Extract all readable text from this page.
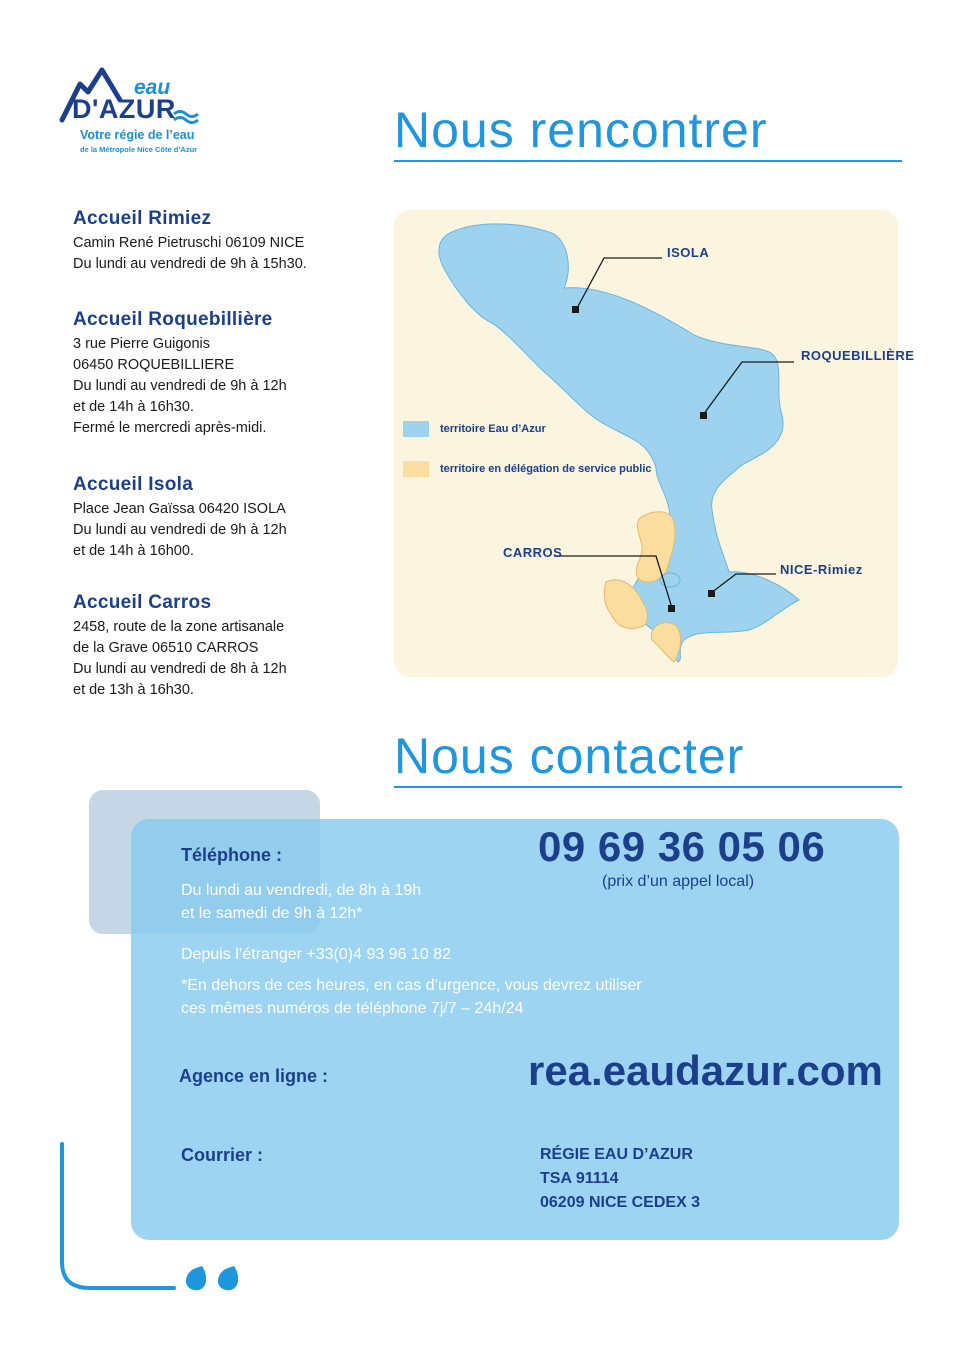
eau
D'AZUR
Votre régie de l’eau
de la Métropole Nice Côte d’Azur	Nous rencontrer
Accueil Rimiez
Camin René Pietruschi 06109 NICE
Du lundi au vendredi de 9h à 15h30.
Accueil Roquebillière
3 rue Pierre Guigonis
06450 ROQUEBILLIERE
Du lundi au vendredi de 9h à 12h
et de 14h à 16h30.
Fermé le mercredi après-midi.
Accueil Isola
Place Jean Gaïssa 06420 ISOLA
Du lundi au vendredi de 9h à 12h
et de 14h à 16h00.
Accueil Carros
2458, route de la zone artisanale
de la Grave 06510 CARROS
Du lundi au vendredi de 8h à 12h
et de 13h à 16h30.
ISOLA
ROQUEBILLIÈRE
CARROS
NICE-Rimiez
territoire Eau d’Azur
territoire en délégation de service public
Nous contacter
Téléphone :
Du lundi au vendredi, de 8h à 19h
et le samedi de 9h à 12h*
Depuis l’étranger +33(0)4 93 96 10 82
*En dehors de ces heures, en cas d’urgence, vous devrez utiliser
ces mêmes numéros de téléphone 7j/7 – 24h/24
09 69 36 05 06
(prix d’un appel local)
Agence en ligne :	rea.eaudazur.com
Courrier :	RÉGIE EAU D’AZUR
TSA 91114
06209 NICE CEDEX 3
